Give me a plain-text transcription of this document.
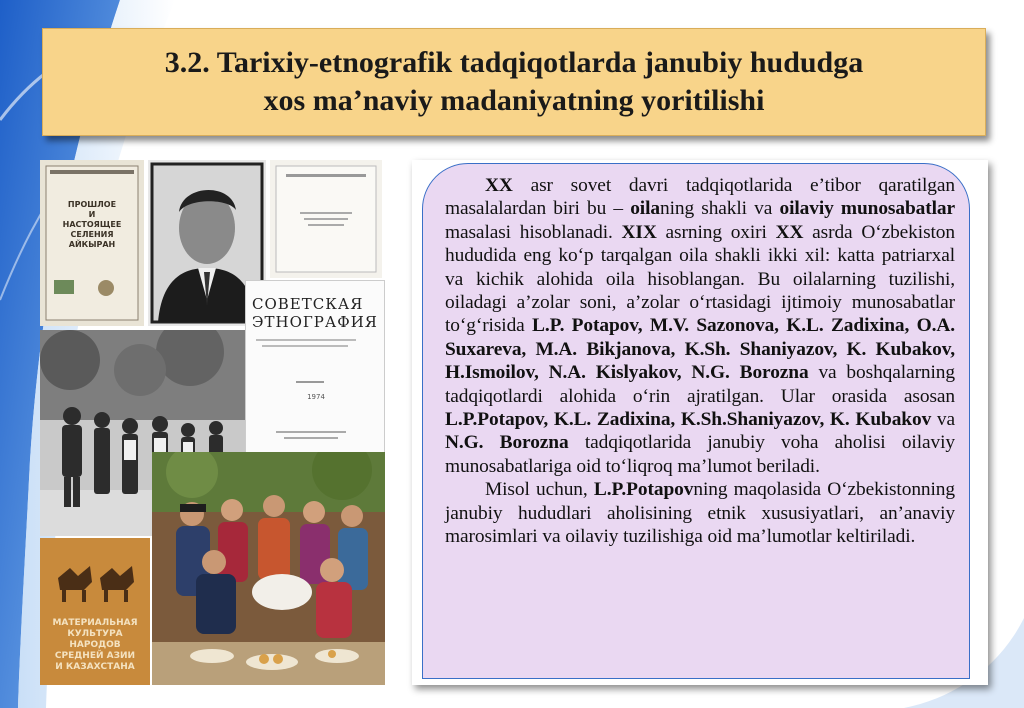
3.2. Tarixiy-etnografik tadqiqotlarda janubiy hududga
xos ma’naviy madaniyatning yoritilishi
ПРОШЛОЕ
И
НАСТОЯЩЕЕ
СЕЛЕНИЯ
АЙКЫРАН
СОВЕТСКАЯ
ЭТНОГРАФИЯ
1974
МАТЕРИАЛЬНАЯ
КУЛЬТУРА
НАРОДОВ
СРЕДНЕЙ АЗИИ
И КАЗАХСТАНА

XX asr sovet davri tadqiqotlarida e’tibor qaratilgan masalalardan biri bu – oilaning shakli va oilaviy munosabatlar masalasi hisoblanadi. XIX asrning oxiri XX asrda O‘zbekiston hududida eng ko‘p tarqalgan oila shakli ikki xil: katta patriarxal va kichik alohida oila hisoblangan. Bu oilalarning tuzilishi, oiladagi a’zolar soni, a’zolar o‘rtasidagi ijtimoiy munosabatlar to‘g‘risida L.P. Potapov, M.V. Sazonova, K.L. Zadixina, O.A. Suxareva, M.A. Bikjanova, K.Sh. Shaniyazov, K. Kubakov, H.Ismoilov, N.A. Kislyakov, N.G. Borozna va boshqalarning tadqiqotlardi alohida o‘rin ajratilgan. Ular orasida asosan L.P.Potapov, K.L. Zadixina, K.Sh.Shaniyazov, K. Kubakov va N.G. Borozna tadqiqotlarida janubiy voha aholisi oilaviy munosabatlariga oid to‘liqroq ma’lumot beriladi.

Misol uchun, L.P.Potapovning maqolasida O‘zbekistonning janubiy hududlari aholisining etnik xususiyatlari, an’anaviy marosimlari va oilaviy tuzilishiga oid ma’lumotlar keltiriladi.
